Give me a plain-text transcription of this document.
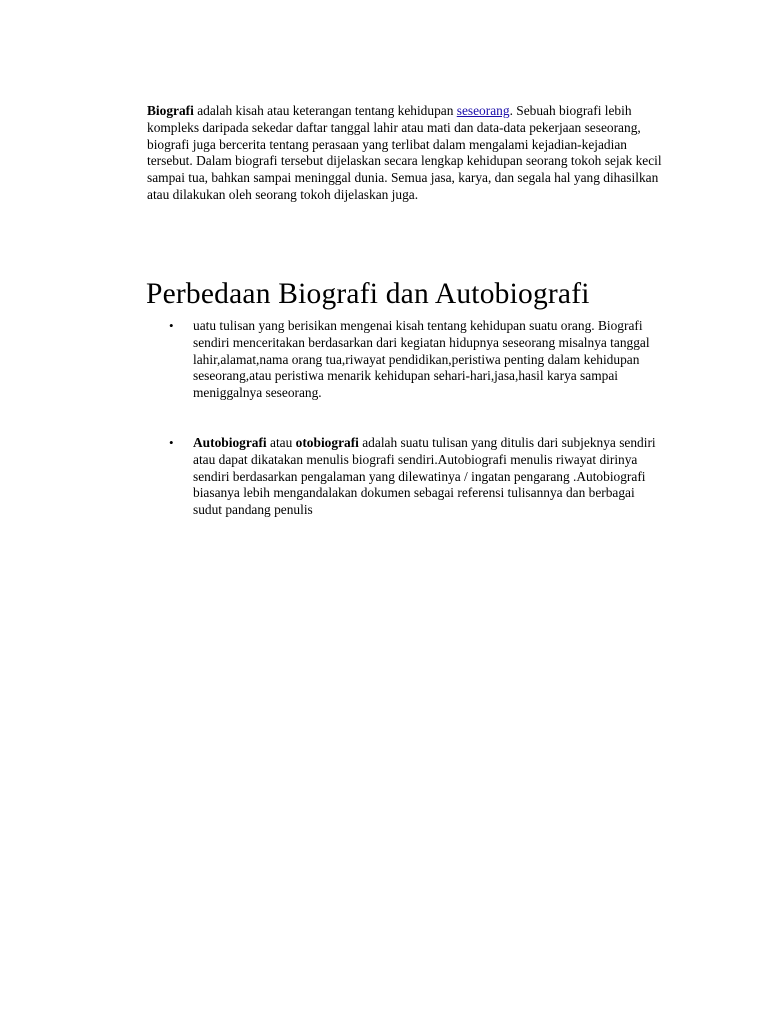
Biografi adalah kisah atau keterangan tentang kehidupan seseorang. Sebuah biografi lebih kompleks daripada sekedar daftar tanggal lahir atau mati dan data-data pekerjaan seseorang, biografi juga bercerita tentang perasaan yang terlibat dalam mengalami kejadian-kejadian tersebut. Dalam biografi tersebut dijelaskan secara lengkap kehidupan seorang tokoh sejak kecil sampai tua, bahkan sampai meninggal dunia. Semua jasa, karya, dan segala hal yang dihasilkan atau dilakukan oleh seorang tokoh dijelaskan juga.

Perbedaan Biografi dan Autobiografi
• uatu tulisan yang berisikan mengenai kisah tentang kehidupan suatu orang. Biografi sendiri menceritakan berdasarkan dari kegiatan hidupnya seseorang misalnya tanggal lahir,alamat,nama orang tua,riwayat pendidikan,peristiwa penting dalam kehidupan seseorang,atau peristiwa menarik kehidupan sehari-hari,jasa,hasil karya sampai meniggalnya seseorang.
• Autobiografi atau otobiografi adalah suatu tulisan yang ditulis dari subjeknya sendiri atau dapat dikatakan menulis biografi sendiri.Autobiografi menulis riwayat dirinya sendiri berdasarkan pengalaman yang dilewatinya / ingatan pengarang .Autobiografi biasanya lebih mengandalakan dokumen sebagai referensi tulisannya dan berbagai sudut pandang penulis
